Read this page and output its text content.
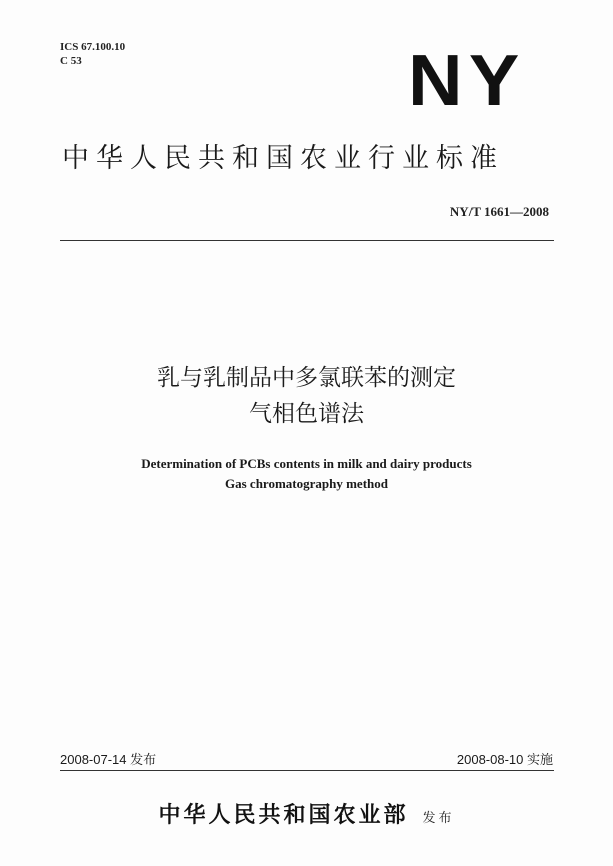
ICS 67.100.10
C 53	NY
中华人民共和国农业行业标准
NY/T 1661—2008
乳与乳制品中多氯联苯的测定
气相色谱法
Determination of PCBs contents in milk and dairy products
Gas chromatography method
2008-07-14 发布	2008-08-10 实施
中华人民共和国农业部 发布
